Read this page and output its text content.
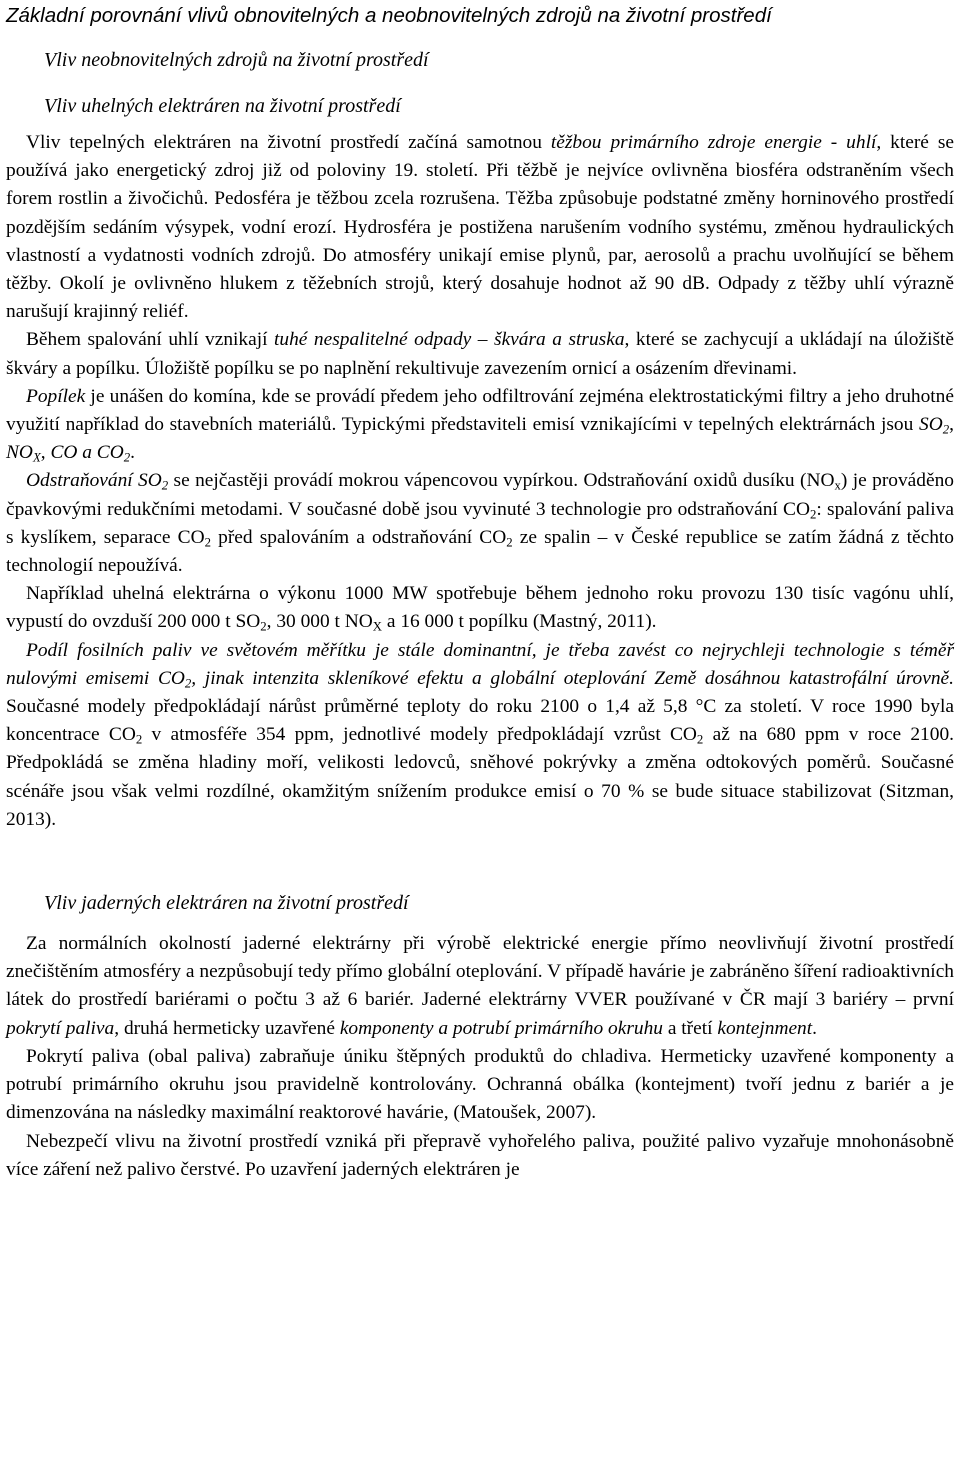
Základní porovnání vlivů obnovitelných a neobnovitelných zdrojů na životní prostředí
Vliv neobnovitelných zdrojů na životní prostředí
Vliv uhelných elektráren na životní prostředí

Vliv tepelných elektráren na životní prostředí začíná samotnou těžbou primárního zdroje energie - uhlí, které se používá jako energetický zdroj již od poloviny 19. století. Při těžbě je nejvíce ovlivněna biosféra odstraněním všech forem rostlin a živočichů. Pedosféra je těžbou zcela rozrušena. Těžba způsobuje podstatné změny horninového prostředí pozdějším sedáním výsypek, vodní erozí. Hydrosféra je postižena narušením vodního systému, změnou hydraulických vlastností a vydatnosti vodních zdrojů. Do atmosféry unikají emise plynů, par, aerosolů a prachu uvolňující se během těžby. Okolí je ovlivněno hlukem z těžebních strojů, který dosahuje hodnot až 90 dB. Odpady z těžby uhlí výrazně narušují krajinný reliéf.

Během spalování uhlí vznikají tuhé nespalitelné odpady – škvára a struska, které se zachycují a ukládají na úložiště škváry a popílku. Úložiště popílku se po naplnění rekultivuje zavezením ornicí a osázením dřevinami.

Popílek je unášen do komína, kde se provádí předem jeho odfiltrování zejména elektrostatickými filtry a jeho druhotné využití například do stavebních materiálů. Typickými představiteli emisí vznikajícími v tepelných elektrárnách jsou $SO_2$, $NO_X$, CO a $CO_2$.

Odstraňování $SO_2$ se nejčastěji provádí mokrou vápencovou vypírkou. Odstraňování oxidů dusíku $(NO_x)$ je prováděno čpavkovými redukčními metodami. V současné době jsou vyvinuté 3 technologie pro odstraňování $CO_2$: spalování paliva s kyslíkem, separace $CO_2$ před spalováním a odstraňování $CO_2$ ze spalin – v České republice se zatím žádná z těchto technologií nepoužívá.

Například uhelná elektrárna o výkonu 1000 MW spotřebuje během jednoho roku provozu 130 tisíc vagónu uhlí, vypustí do ovzduší 200 000 t $SO_2$, 30 000 t $NO_X$ a 16 000 t popílku (Mastný, 2011).

Podíl fosilních paliv ve světovém měřítku je stále dominantní, je třeba zavést co nejrychleji technologie s téměř nulovými emisemi $CO_2$, jinak intenzita skleníkové efektu a globální oteplování Země dosáhnou katastrofální úrovně. Současné modely předpokládají nárůst průměrné teploty do roku 2100 o 1,4 až 5,8 °C za století. V roce 1990 byla koncentrace $CO_2$ v atmosféře 354 ppm, jednotlivé modely předpokládají vzrůst $CO_2$ až na 680 ppm v roce 2100. Předpokládá se změna hladiny moří, velikosti ledovců, sněhové pokrývky a změna odtokových poměrů. Současné scénáře jsou však velmi rozdílné, okamžitým snížením produkce emisí o 70 % se bude situace stabilizovat (Sitzman, 2013).

Vliv jaderných elektráren na životní prostředí

Za normálních okolností jaderné elektrárny při výrobě elektrické energie přímo neovlivňují životní prostředí znečištěním atmosféry a nezpůsobují tedy přímo globální oteplování. V případě havárie je zabráněno šíření radioaktivních látek do prostředí bariérami o počtu 3 až 6 bariér. Jaderné elektrárny VVER používané v ČR mají 3 bariéry – první pokrytí paliva, druhá hermeticky uzavřené komponenty a potrubí primárního okruhu a třetí kontejnment.

Pokrytí paliva (obal paliva) zabraňuje úniku štěpných produktů do chladiva. Hermeticky uzavřené komponenty a potrubí primárního okruhu jsou pravidelně kontrolovány. Ochranná obálka (kontejment) tvoří jednu z bariér a je dimenzována na následky maximální reaktorové havárie, (Matoušek, 2007).

Nebezpečí vlivu na životní prostředí vzniká při přepravě vyhořelého paliva, použité palivo vyzařuje mnohonásobně více záření než palivo čerstvé. Po uzavření jaderných elektráren je
